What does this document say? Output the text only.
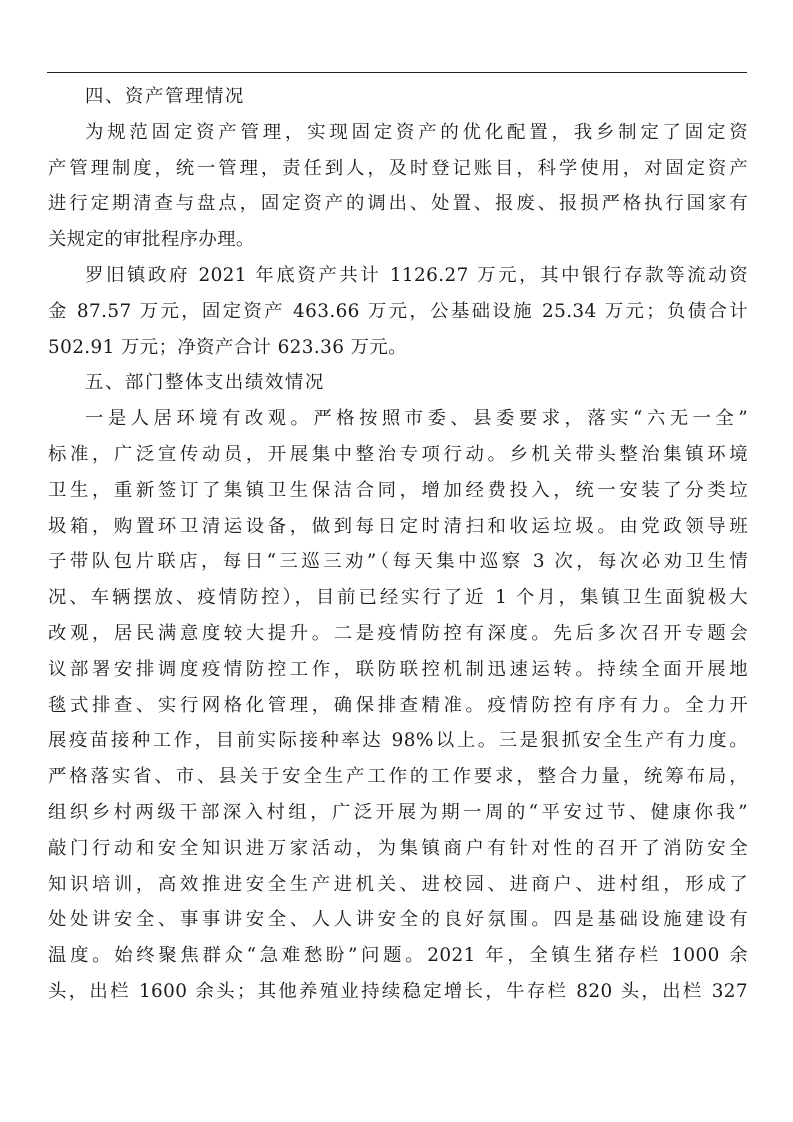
四、资产管理情况
为规范固定资产管理，实现固定资产的优化配置，我乡制定了固定资
产管理制度，统一管理，责任到人，及时登记账目，科学使用，对固定资产
进行定期清查与盘点，固定资产的调出、处置、报废、报损严格执行国家有
关规定的审批程序办理。
罗旧镇政府 2021 年底资产共计 1126.27 万元，其中银行存款等流动资
金 87.57 万元，固定资产 463.66 万元，公基础设施 25.34 万元；负债合计
502.91 万元；净资产合计 623.36 万元。
五、部门整体支出绩效情况
一是人居环境有改观。严格按照市委、县委要求，落实“六无一全”
标准，广泛宣传动员，开展集中整治专项行动。乡机关带头整治集镇环境
卫生，重新签订了集镇卫生保洁合同，增加经费投入，统一安装了分类垃
圾箱，购置环卫清运设备，做到每日定时清扫和收运垃圾。由党政领导班
子带队包片联店，每日“三巡三劝”（每天集中巡察 3 次，每次必劝卫生情
况、车辆摆放、疫情防控），目前已经实行了近 1 个月，集镇卫生面貌极大
改观，居民满意度较大提升。二是疫情防控有深度。先后多次召开专题会
议部署安排调度疫情防控工作，联防联控机制迅速运转。持续全面开展地
毯式排查、实行网格化管理，确保排查精准。疫情防控有序有力。全力开
展疫苗接种工作，目前实际接种率达 98%以上。三是狠抓安全生产有力度。
严格落实省、市、县关于安全生产工作的工作要求，整合力量，统筹布局，
组织乡村两级干部深入村组，广泛开展为期一周的“平安过节、健康你我”
敲门行动和安全知识进万家活动，为集镇商户有针对性的召开了消防安全
知识培训，高效推进安全生产进机关、进校园、进商户、进村组，形成了
处处讲安全、事事讲安全、人人讲安全的良好氛围。四是基础设施建设有
温度。始终聚焦群众“急难愁盼”问题。2021 年，全镇生猪存栏 1000 余
头，出栏 1600 余头；其他养殖业持续稳定增长，牛存栏 820 头，出栏 327
